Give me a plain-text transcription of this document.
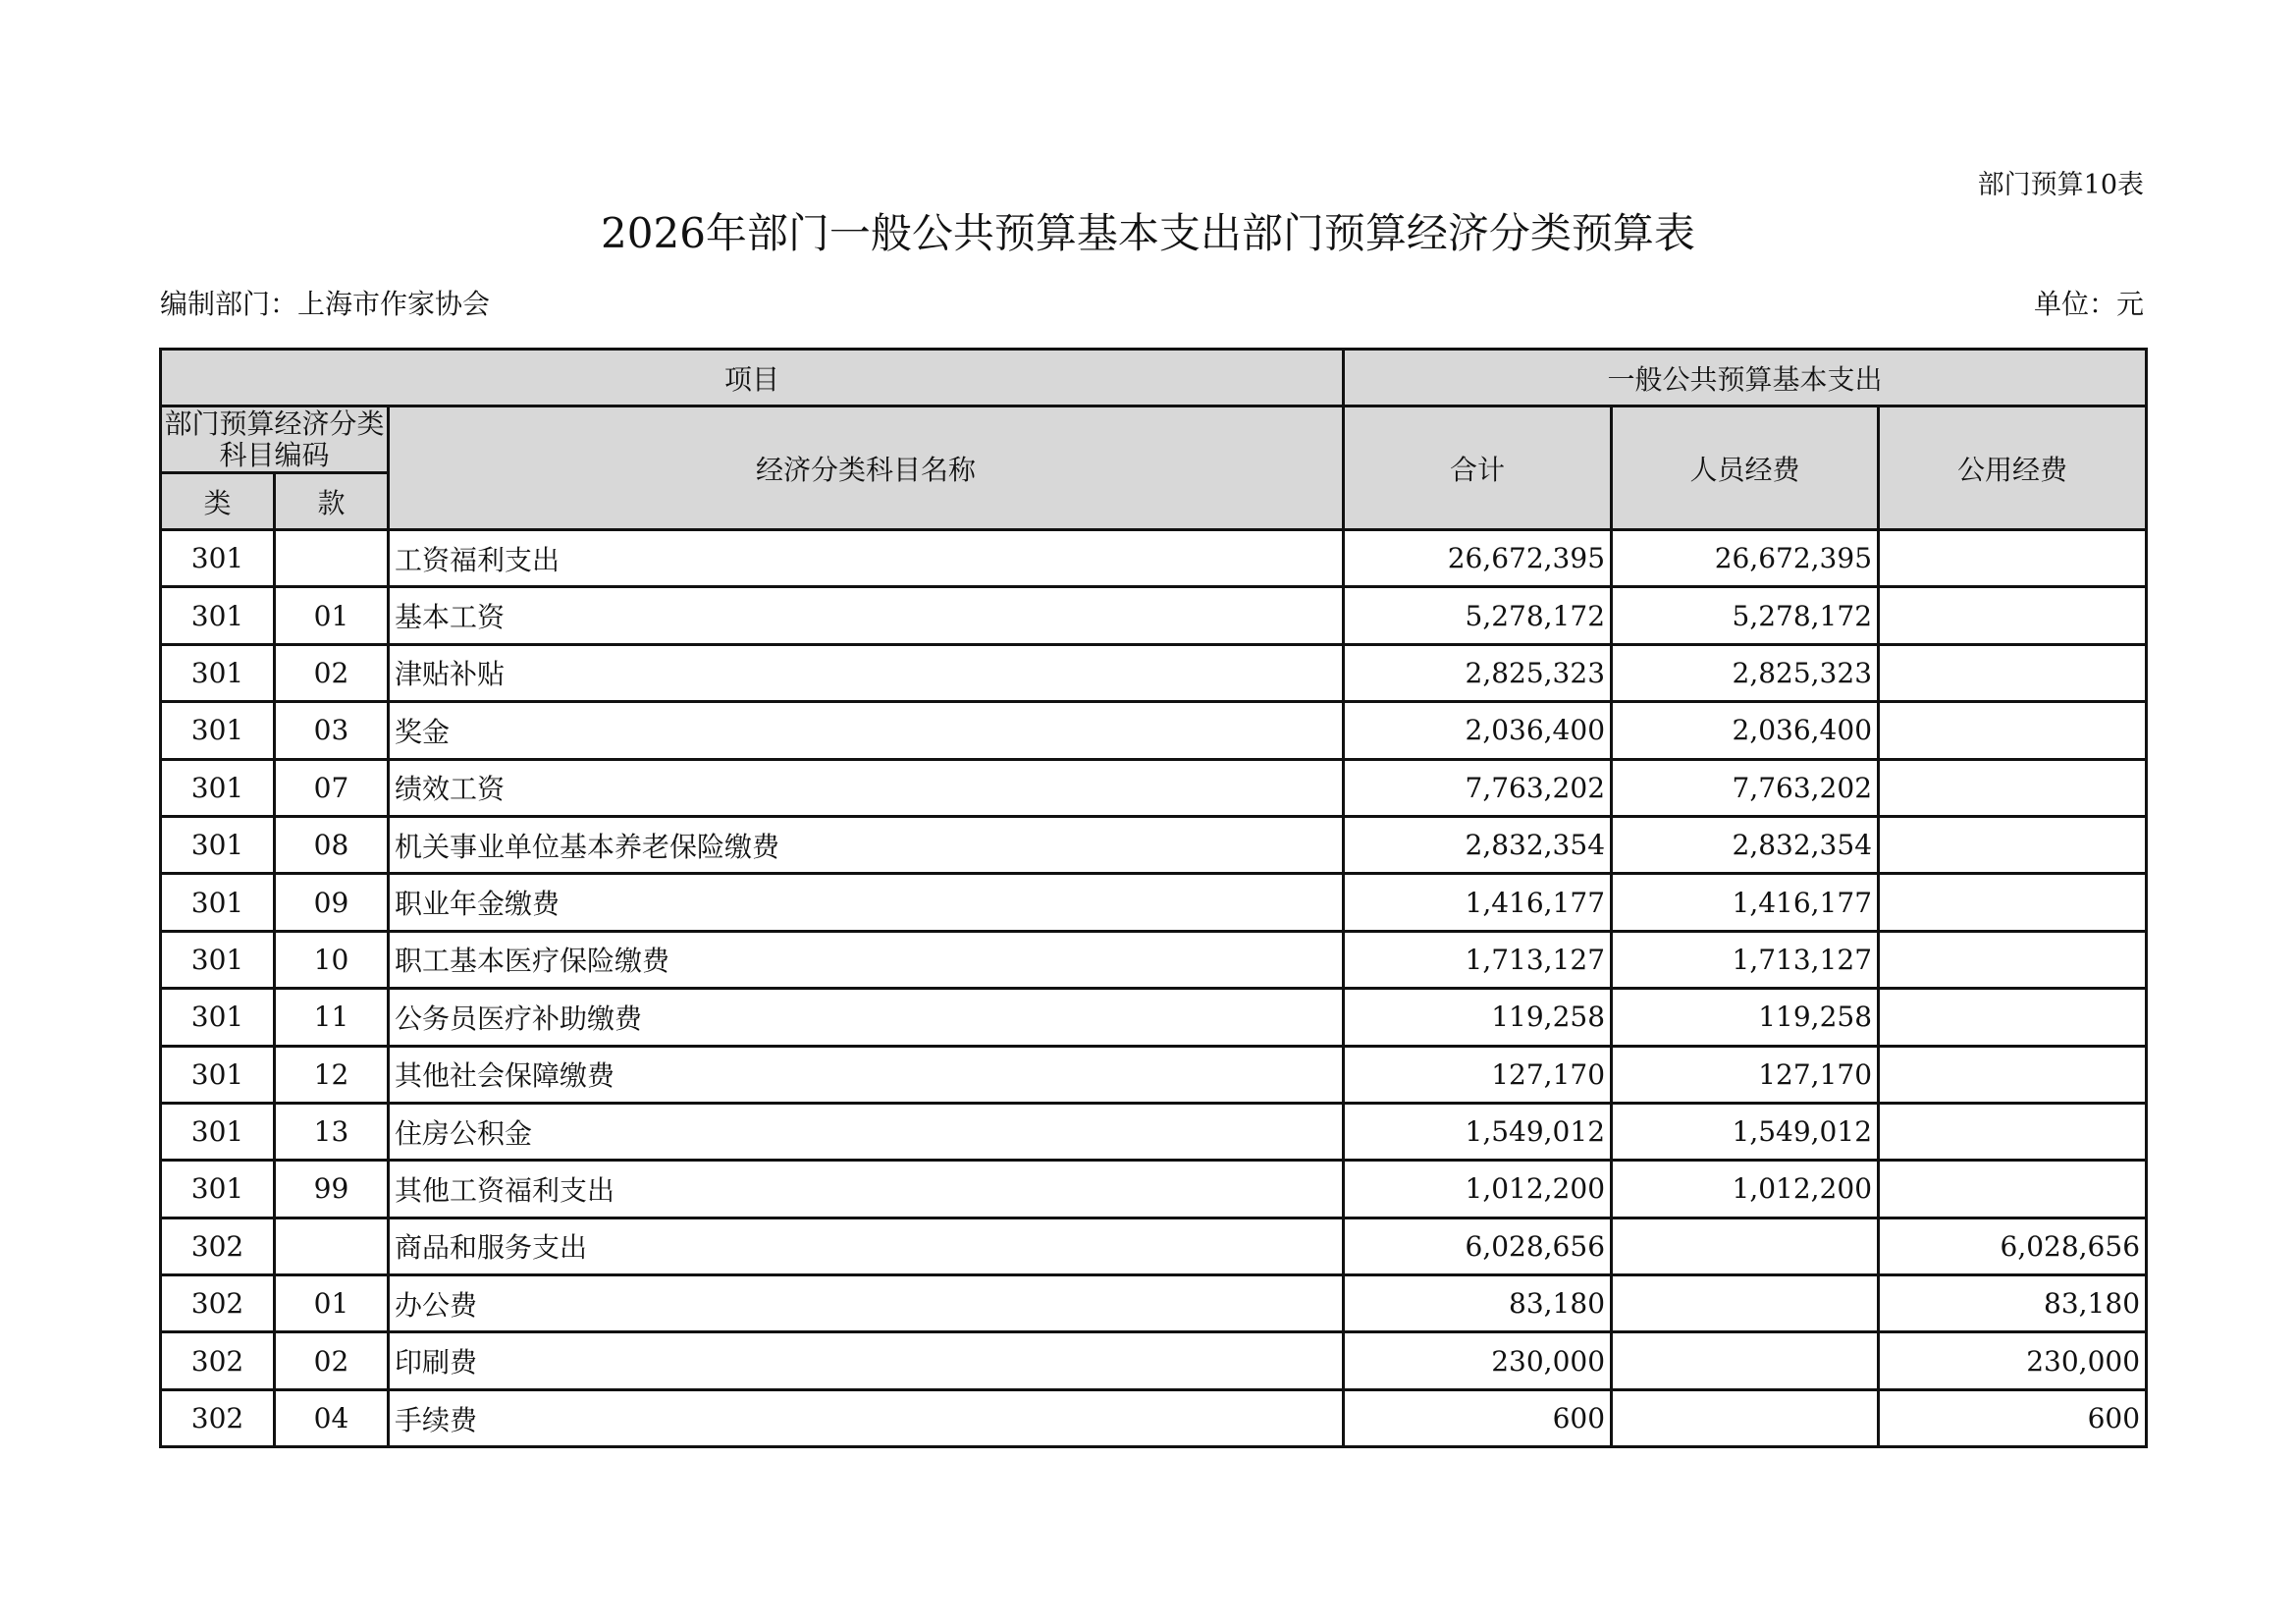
部门预算10表
2026年部门一般公共预算基本支出部门预算经济分类预算表
编制部门：上海市作家协会	单位：元
项目			一般公共预算基本支出		
部门预算经济分类科目编码		经济分类科目名称	合计	人员经费	公用经费
类	款				
301		工资福利支出	26,672,395	26,672,395	
301	01	基本工资	5,278,172	5,278,172	
301	02	津贴补贴	2,825,323	2,825,323	
301	03	奖金	2,036,400	2,036,400	
301	07	绩效工资	7,763,202	7,763,202	
301	08	机关事业单位基本养老保险缴费	2,832,354	2,832,354	
301	09	职业年金缴费	1,416,177	1,416,177	
301	10	职工基本医疗保险缴费	1,713,127	1,713,127	
301	11	公务员医疗补助缴费	119,258	119,258	
301	12	其他社会保障缴费	127,170	127,170	
301	13	住房公积金	1,549,012	1,549,012	
301	99	其他工资福利支出	1,012,200	1,012,200	
302		商品和服务支出	6,028,656		6,028,656
302	01	办公费	83,180		83,180
302	02	印刷费	230,000		230,000
302	04	手续费	600		600
